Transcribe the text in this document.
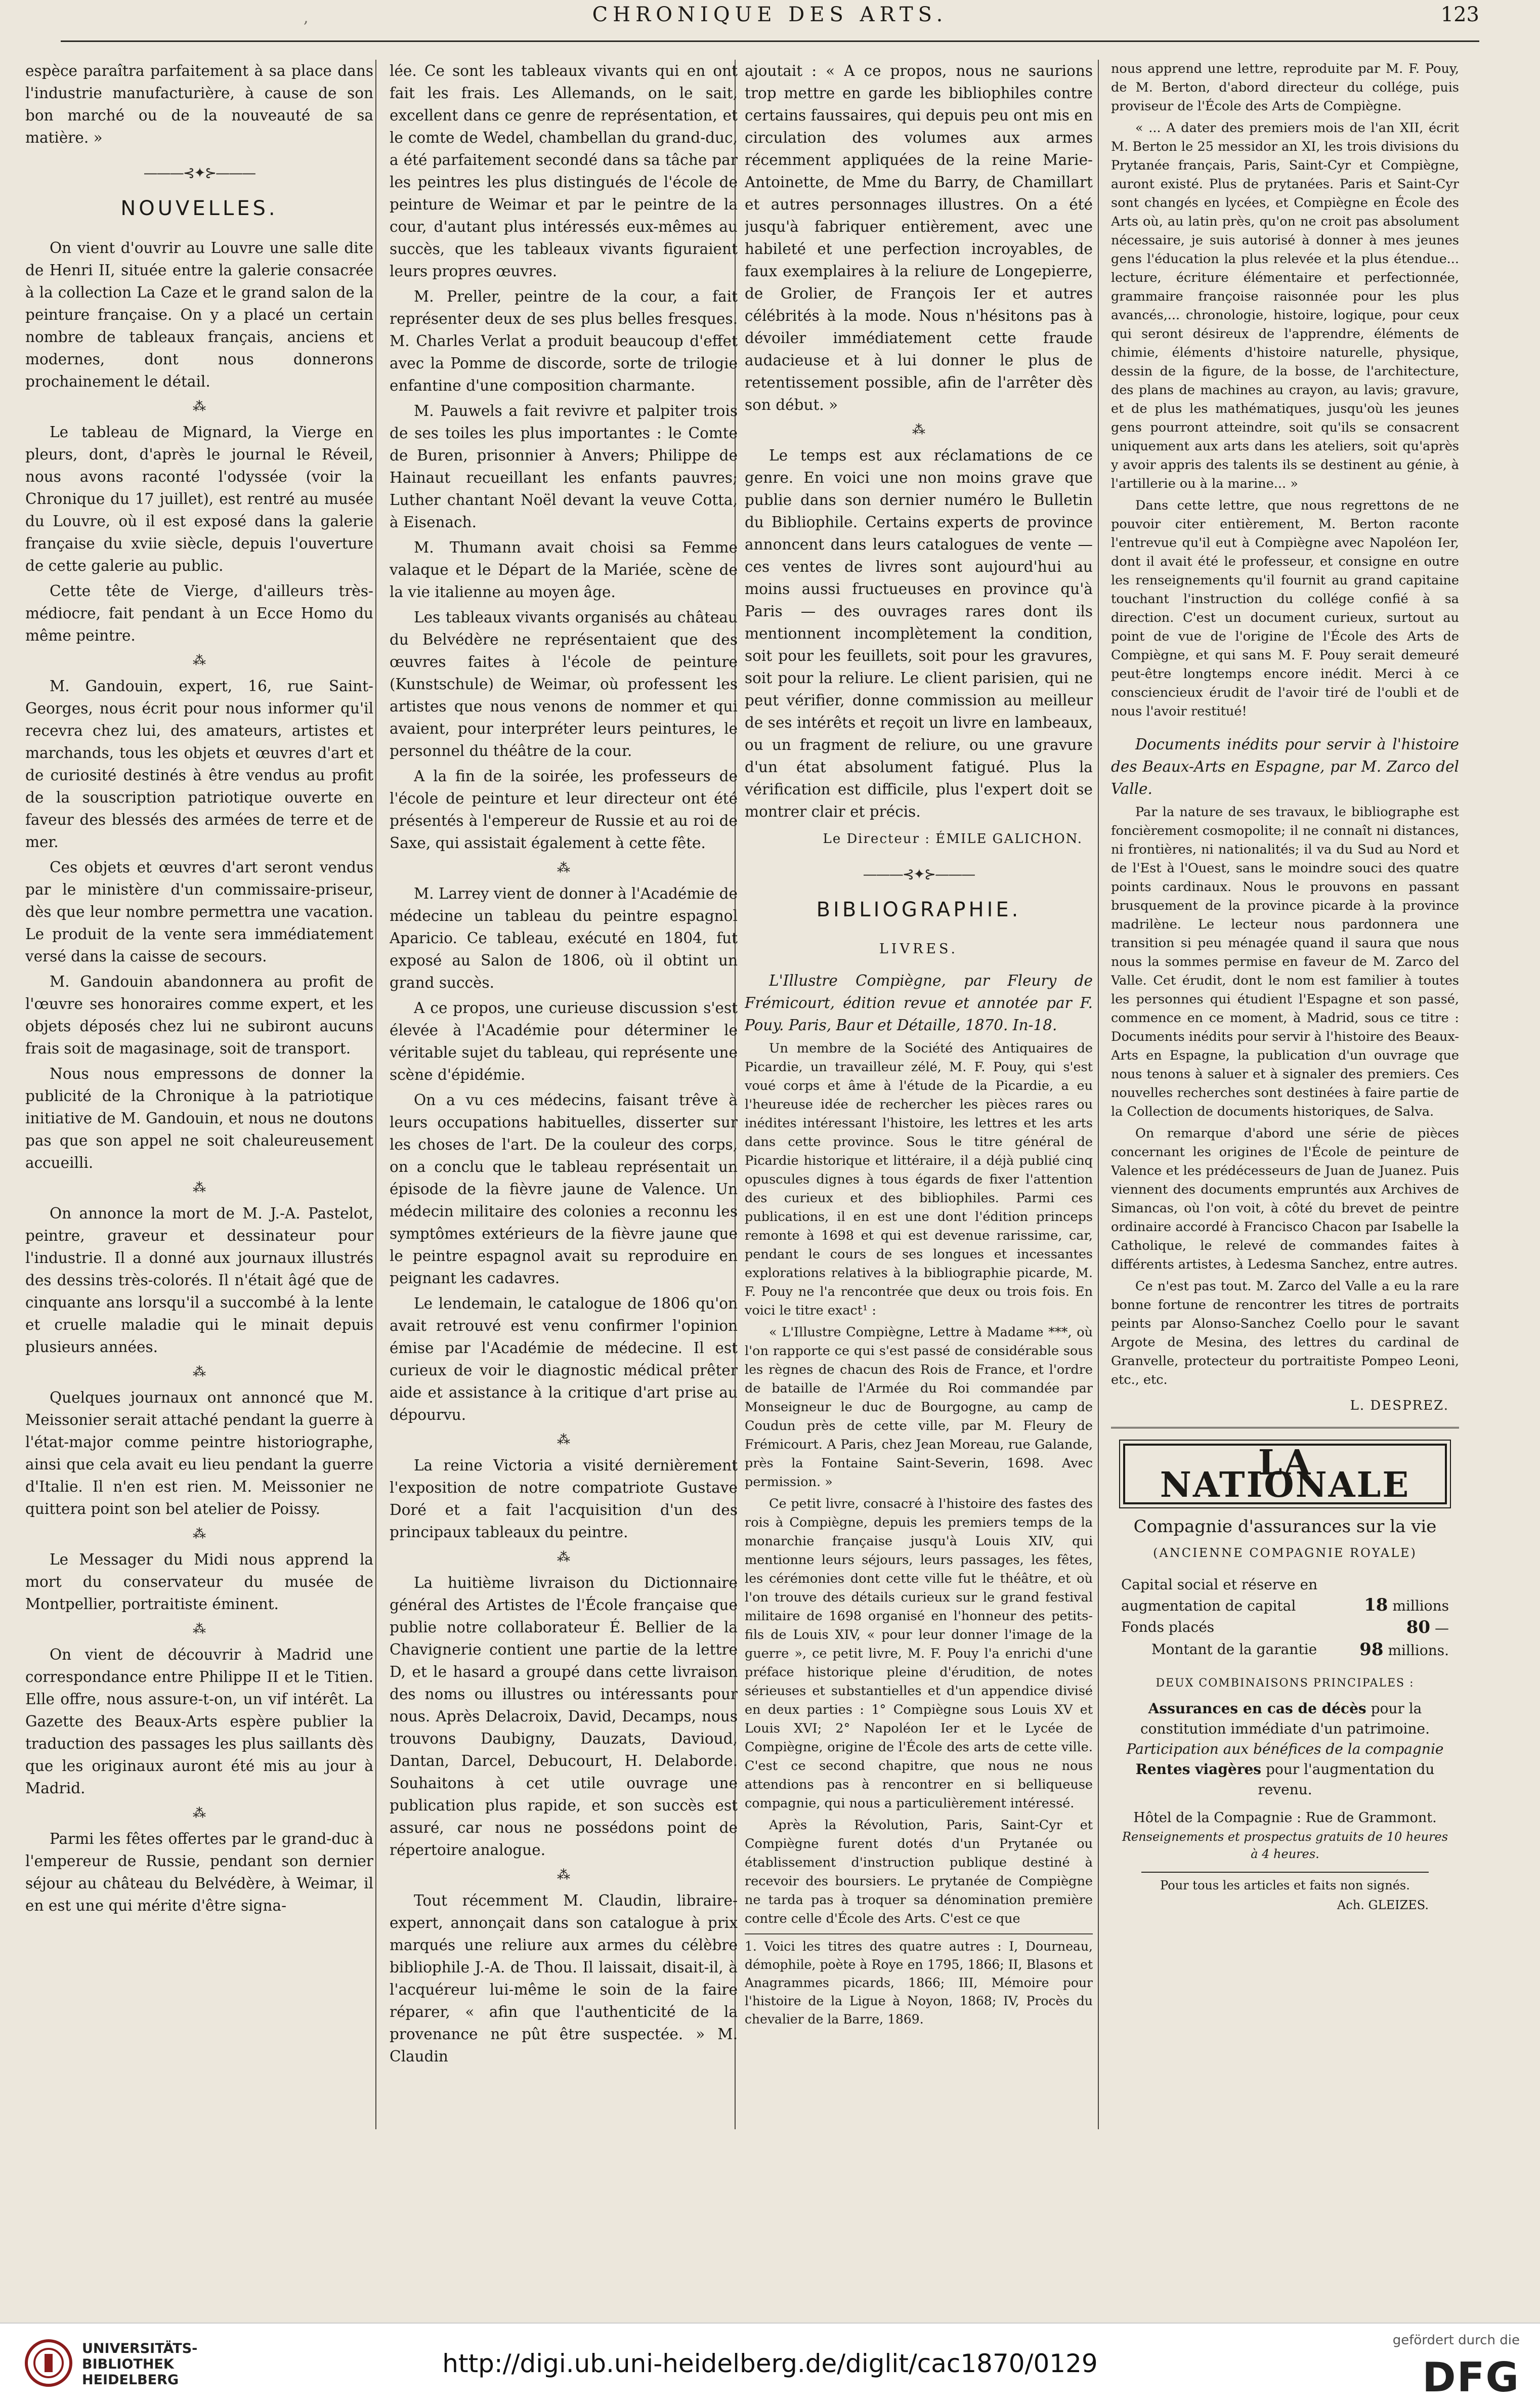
,	CHRONIQUE DES ARTS.	123

espèce paraîtra parfaitement à sa place dans l'industrie manufacturière, à cause de son bon marché ou de la nouveauté de sa matière. »

———⊰✦⊱———
NOUVELLES.

On vient d'ouvrir au Louvre une salle dite de Henri II, située entre la galerie consacrée à la collection La Caze et le grand salon de la peinture française. On y a placé un certain nombre de tableaux français, anciens et modernes, dont nous donnerons prochainement le détail.

⁂

Le tableau de Mignard, la Vierge en pleurs, dont, d'après le journal le Réveil, nous avons raconté l'odyssée (voir la Chronique du 17 juillet), est rentré au musée du Louvre, où il est exposé dans la galerie française du xviie siècle, depuis l'ouverture de cette galerie au public.

Cette tête de Vierge, d'ailleurs très-médiocre, fait pendant à un Ecce Homo du même peintre.

⁂

M. Gandouin, expert, 16, rue Saint-Georges, nous écrit pour nous informer qu'il recevra chez lui, des amateurs, artistes et marchands, tous les objets et œuvres d'art et de curiosité destinés à être vendus au profit de la souscription patriotique ouverte en faveur des blessés des armées de terre et de mer.

Ces objets et œuvres d'art seront vendus par le ministère d'un commissaire-priseur, dès que leur nombre permettra une vacation. Le produit de la vente sera immédiatement versé dans la caisse de secours.

M. Gandouin abandonnera au profit de l'œuvre ses honoraires comme expert, et les objets déposés chez lui ne subiront aucuns frais soit de magasinage, soit de transport.

Nous nous empressons de donner la publicité de la Chronique à la patriotique initiative de M. Gandouin, et nous ne doutons pas que son appel ne soit chaleureusement accueilli.

⁂

On annonce la mort de M. J.-A. Pastelot, peintre, graveur et dessinateur pour l'industrie. Il a donné aux journaux illustrés des dessins très-colorés. Il n'était âgé que de cinquante ans lorsqu'il a succombé à la lente et cruelle maladie qui le minait depuis plusieurs années.

⁂

Quelques journaux ont annoncé que M. Meissonier serait attaché pendant la guerre à l'état-major comme peintre historiographe, ainsi que cela avait eu lieu pendant la guerre d'Italie. Il n'en est rien. M. Meissonier ne quittera point son bel atelier de Poissy.

⁂

Le Messager du Midi nous apprend la mort du conservateur du musée de Montpellier, portraitiste éminent.

⁂

On vient de découvrir à Madrid une correspondance entre Philippe II et le Titien. Elle offre, nous assure-t-on, un vif intérêt. La Gazette des Beaux-Arts espère publier la traduction des passages les plus saillants dès que les originaux auront été mis au jour à Madrid.

⁂

Parmi les fêtes offertes par le grand-duc à l'empereur de Russie, pendant son dernier séjour au château du Belvédère, à Weimar, il en est une qui mérite d'être signa-

lée. Ce sont les tableaux vivants qui en ont fait les frais. Les Allemands, on le sait, excellent dans ce genre de représentation, et le comte de Wedel, chambellan du grand-duc, a été parfaitement secondé dans sa tâche par les peintres les plus distingués de l'école de peinture de Weimar et par le peintre de la cour, d'autant plus intéressés eux-mêmes au succès, que les tableaux vivants figuraient leurs propres œuvres.

M. Preller, peintre de la cour, a fait représenter deux de ses plus belles fresques. M. Charles Verlat a produit beaucoup d'effet avec la Pomme de discorde, sorte de trilogie enfantine d'une composition charmante.

M. Pauwels a fait revivre et palpiter trois de ses toiles les plus importantes : le Comte de Buren, prisonnier à Anvers; Philippe de Hainaut recueillant les enfants pauvres; Luther chantant Noël devant la veuve Cotta, à Eisenach.

M. Thumann avait choisi sa Femme valaque et le Départ de la Mariée, scène de la vie italienne au moyen âge.

Les tableaux vivants organisés au château du Belvédère ne représentaient que des œuvres faites à l'école de peinture (Kunstschule) de Weimar, où professent les artistes que nous venons de nommer et qui avaient, pour interpréter leurs peintures, le personnel du théâtre de la cour.

A la fin de la soirée, les professeurs de l'école de peinture et leur directeur ont été présentés à l'empereur de Russie et au roi de Saxe, qui assistait également à cette fête.

⁂

M. Larrey vient de donner à l'Académie de médecine un tableau du peintre espagnol Aparicio. Ce tableau, exécuté en 1804, fut exposé au Salon de 1806, où il obtint un grand succès.

A ce propos, une curieuse discussion s'est élevée à l'Académie pour déterminer le véritable sujet du tableau, qui représente une scène d'épidémie.

On a vu ces médecins, faisant trêve à leurs occupations habituelles, disserter sur les choses de l'art. De la couleur des corps, on a conclu que le tableau représentait un épisode de la fièvre jaune de Valence. Un médecin militaire des colonies a reconnu les symptômes extérieurs de la fièvre jaune que le peintre espagnol avait su reproduire en peignant les cadavres.

Le lendemain, le catalogue de 1806 qu'on avait retrouvé est venu confirmer l'opinion émise par l'Académie de médecine. Il est curieux de voir le diagnostic médical prêter aide et assistance à la critique d'art prise au dépourvu.

⁂

La reine Victoria a visité dernièrement l'exposition de notre compatriote Gustave Doré et a fait l'acquisition d'un des principaux tableaux du peintre.

⁂

La huitième livraison du Dictionnaire général des Artistes de l'École française que publie notre collaborateur É. Bellier de la Chavignerie contient une partie de la lettre D, et le hasard a groupé dans cette livraison des noms ou illustres ou intéressants pour nous. Après Delacroix, David, Decamps, nous trouvons Daubigny, Dauzats, Davioud, Dantan, Darcel, Debucourt, H. Delaborde. Souhaitons à cet utile ouvrage une publication plus rapide, et son succès est assuré, car nous ne possédons point de répertoire analogue.

⁂

Tout récemment M. Claudin, libraire-expert, annonçait dans son catalogue à prix marqués une reliure aux armes du célèbre bibliophile J.-A. de Thou. Il laissait, disait-il, à l'acquéreur lui-même le soin de la faire réparer, « afin que l'authenticité de la provenance ne pût être suspectée. » M. Claudin

ajoutait : « A ce propos, nous ne saurions trop mettre en garde les bibliophiles contre certains faussaires, qui depuis peu ont mis en circulation des volumes aux armes récemment appliquées de la reine Marie-Antoinette, de Mme du Barry, de Chamillart et autres personnages illustres. On a été jusqu'à fabriquer entièrement, avec une habileté et une perfection incroyables, de faux exemplaires à la reliure de Longepierre, de Grolier, de François Ier et autres célébrités à la mode. Nous n'hésitons pas à dévoiler immédiatement cette fraude audacieuse et à lui donner le plus de retentissement possible, afin de l'arrêter dès son début. »

⁂

Le temps est aux réclamations de ce genre. En voici une non moins grave que publie dans son dernier numéro le Bulletin du Bibliophile. Certains experts de province annoncent dans leurs catalogues de vente — ces ventes de livres sont aujourd'hui au moins aussi fructueuses en province qu'à Paris — des ouvrages rares dont ils mentionnent incomplètement la condition, soit pour les feuillets, soit pour les gravures, soit pour la reliure. Le client parisien, qui ne peut vérifier, donne commission au meilleur de ses intérêts et reçoit un livre en lambeaux, ou un fragment de reliure, ou une gravure d'un état absolument fatigué. Plus la vérification est difficile, plus l'expert doit se montrer clair et précis.

Le Directeur : ÉMILE GALICHON.
———⊰✦⊱———
BIBLIOGRAPHIE.
LIVRES.

L'Illustre Compiègne, par Fleury de Frémicourt, édition revue et annotée par F. Pouy. Paris, Baur et Détaille, 1870. In-18.

Un membre de la Société des Antiquaires de Picardie, un travailleur zélé, M. F. Pouy, qui s'est voué corps et âme à l'étude de la Picardie, a eu l'heureuse idée de rechercher les pièces rares ou inédites intéressant l'histoire, les lettres et les arts dans cette province. Sous le titre général de Picardie historique et littéraire, il a déjà publié cinq opuscules dignes à tous égards de fixer l'attention des curieux et des bibliophiles. Parmi ces publications, il en est une dont l'édition princeps remonte à 1698 et qui est devenue rarissime, car, pendant le cours de ses longues et incessantes explorations relatives à la bibliographie picarde, M. F. Pouy ne l'a rencontrée que deux ou trois fois. En voici le titre exact¹ :

« L'Illustre Compiègne, Lettre à Madame ***, où l'on rapporte ce qui s'est passé de considérable sous les règnes de chacun des Rois de France, et l'ordre de bataille de l'Armée du Roi commandée par Monseigneur le duc de Bourgogne, au camp de Coudun près de cette ville, par M. Fleury de Frémicourt. A Paris, chez Jean Moreau, rue Galande, près la Fontaine Saint-Severin, 1698. Avec permission. »

Ce petit livre, consacré à l'histoire des fastes des rois à Compiègne, depuis les premiers temps de la monarchie française jusqu'à Louis XIV, qui mentionne leurs séjours, leurs passages, les fêtes, les cérémonies dont cette ville fut le théâtre, et où l'on trouve des détails curieux sur le grand festival militaire de 1698 organisé en l'honneur des petits-fils de Louis XIV, « pour leur donner l'image de la guerre », ce petit livre, M. F. Pouy l'a enrichi d'une préface historique pleine d'érudition, de notes sérieuses et substantielles et d'un appendice divisé en deux parties : 1° Compiègne sous Louis XV et Louis XVI; 2° Napoléon Ier et le Lycée de Compiègne, origine de l'École des arts de cette ville. C'est ce second chapitre, que nous ne nous attendions pas à rencontrer en si belliqueuse compagnie, qui nous a particulièrement intéressé.

Après la Révolution, Paris, Saint-Cyr et Compiègne furent dotés d'un Prytanée ou établissement d'instruction publique destiné à recevoir des boursiers. Le prytanée de Compiègne ne tarda pas à troquer sa dénomination première contre celle d'École des Arts. C'est ce que

1. Voici les titres des quatre autres : I, Dourneau, démophile, poète à Roye en 1795, 1866; II, Blasons et Anagrammes picards, 1866; III, Mémoire pour l'histoire de la Ligue à Noyon, 1868; IV, Procès du chevalier de la Barre, 1869.

nous apprend une lettre, reproduite par M. F. Pouy, de M. Berton, d'abord directeur du collége, puis proviseur de l'École des Arts de Compiègne.

« ... A dater des premiers mois de l'an XII, écrit M. Berton le 25 messidor an XI, les trois divisions du Prytanée français, Paris, Saint-Cyr et Compiègne, auront existé. Plus de prytanées. Paris et Saint-Cyr sont changés en lycées, et Compiègne en École des Arts où, au latin près, qu'on ne croit pas absolument nécessaire, je suis autorisé à donner à mes jeunes gens l'éducation la plus relevée et la plus étendue... lecture, écriture élémentaire et perfectionnée, grammaire françoise raisonnée pour les plus avancés,... chronologie, histoire, logique, pour ceux qui seront désireux de l'apprendre, éléments de chimie, éléments d'histoire naturelle, physique, dessin de la figure, de la bosse, de l'architecture, des plans de machines au crayon, au lavis; gravure, et de plus les mathématiques, jusqu'où les jeunes gens pourront atteindre, soit qu'ils se consacrent uniquement aux arts dans les ateliers, soit qu'après y avoir appris des talents ils se destinent au génie, à l'artillerie ou à la marine... »

Dans cette lettre, que nous regrettons de ne pouvoir citer entièrement, M. Berton raconte l'entrevue qu'il eut à Compiègne avec Napoléon Ier, dont il avait été le professeur, et consigne en outre les renseignements qu'il fournit au grand capitaine touchant l'instruction du collége confié à sa direction. C'est un document curieux, surtout au point de vue de l'origine de l'École des Arts de Compiègne, et qui sans M. F. Pouy serait demeuré peut-être longtemps encore inédit. Merci à ce consciencieux érudit de l'avoir tiré de l'oubli et de nous l'avoir restitué!

Documents inédits pour servir à l'histoire des Beaux-Arts en Espagne, par M. Zarco del Valle.

Par la nature de ses travaux, le bibliographe est foncièrement cosmopolite; il ne connaît ni distances, ni frontières, ni nationalités; il va du Sud au Nord et de l'Est à l'Ouest, sans le moindre souci des quatre points cardinaux. Nous le prouvons en passant brusquement de la province picarde à la province madrilène. Le lecteur nous pardonnera une transition si peu ménagée quand il saura que nous nous la sommes permise en faveur de M. Zarco del Valle. Cet érudit, dont le nom est familier à toutes les personnes qui étudient l'Espagne et son passé, commence en ce moment, à Madrid, sous ce titre : Documents inédits pour servir à l'histoire des Beaux-Arts en Espagne, la publication d'un ouvrage que nous tenons à saluer et à signaler des premiers. Ces nouvelles recherches sont destinées à faire partie de la Collection de documents historiques, de Salva.

On remarque d'abord une série de pièces concernant les origines de l'École de peinture de Valence et les prédécesseurs de Juan de Juanez. Puis viennent des documents empruntés aux Archives de Simancas, où l'on voit, à côté du brevet de peintre ordinaire accordé à Francisco Chacon par Isabelle la Catholique, le relevé de commandes faites à différents artistes, à Ledesma Sanchez, entre autres.

Ce n'est pas tout. M. Zarco del Valle a eu la rare bonne fortune de rencontrer les titres de portraits peints par Alonso-Sanchez Coello pour le savant Argote de Mesina, des lettres du cardinal de Granvelle, protecteur du portraitiste Pompeo Leoni, etc., etc.

L. DESPREZ.
LA NATIONALE
Compagnie d'assurances sur la vie
(ANCIENNE COMPAGNIE ROYALE)
Capital social et réserve en augmentation de capital	18 millions
Fonds placés	80 —
Montant de la garantie 98 millions.
DEUX COMBINAISONS PRINCIPALES :
Assurances en cas de décès pour la constitution immédiate d'un patrimoine.
Participation aux bénéfices de la compagnie
Rentes viagères pour l'augmentation du revenu.
Hôtel de la Compagnie : Rue de Grammont.
Renseignements et prospectus gratuits de 10 heures à 4 heures.
Pour tous les articles et faits non signés.
Ach. GLEIZES.
UNIVERSITÄTS-
BIBLIOTHEK
HEIDELBERG
http://digi.ub.uni-heidelberg.de/diglit/cac1870/0129
gefördert durch die
DFG
